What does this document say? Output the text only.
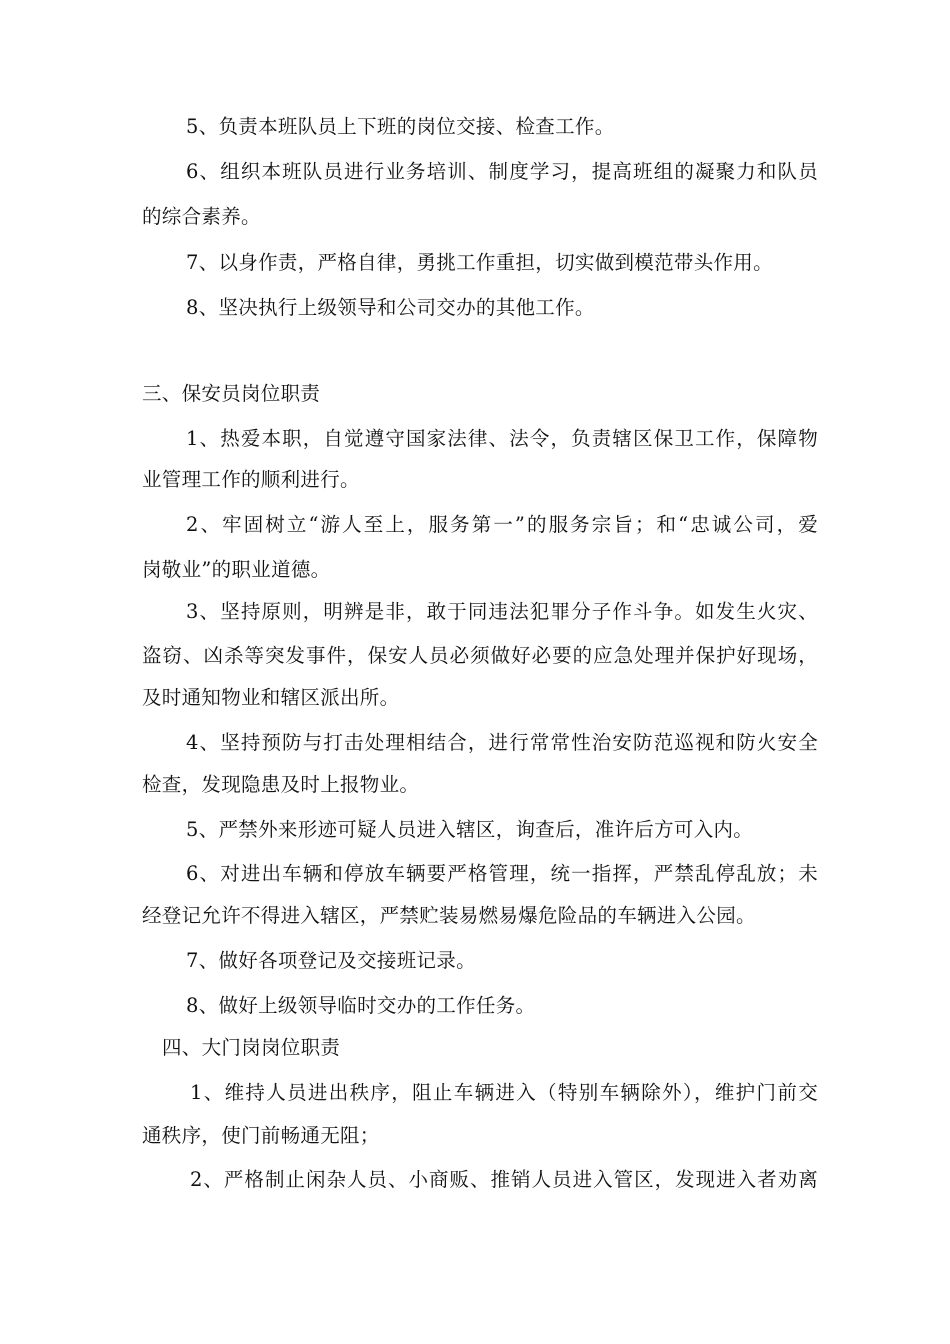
5、负责本班队员上下班的岗位交接、检查工作。
6、组织本班队员进行业务培训、制度学习，提高班组的凝聚力和队员
的综合素养。
7、以身作责，严格自律，勇挑工作重担，切实做到模范带头作用。
8、坚决执行上级领导和公司交办的其他工作。
三、保安员岗位职责
1、热爱本职，自觉遵守国家法律、法令，负责辖区保卫工作，保障物
业管理工作的顺利进行。
2、牢固树立“游人至上，服务第一”的服务宗旨；和“忠诚公司，爱
岗敬业”的职业道德。
3、坚持原则，明辨是非，敢于同违法犯罪分子作斗争。如发生火灾、
盗窃、凶杀等突发事件，保安人员必须做好必要的应急处理并保护好现场，
及时通知物业和辖区派出所。
4、坚持预防与打击处理相结合，进行常常性治安防范巡视和防火安全
检查，发现隐患及时上报物业。
5、严禁外来形迹可疑人员进入辖区，询查后，准许后方可入内。
6、对进出车辆和停放车辆要严格管理，统一指挥，严禁乱停乱放；未
经登记允许不得进入辖区，严禁贮装易燃易爆危险品的车辆进入公园。
7、做好各项登记及交接班记录。
8、做好上级领导临时交办的工作任务。
四、大门岗岗位职责
1、维持人员进出秩序，阻止车辆进入（特别车辆除外），维护门前交
通秩序，使门前畅通无阻；
2、严格制止闲杂人员、小商贩、推销人员进入管区，发现进入者劝离
